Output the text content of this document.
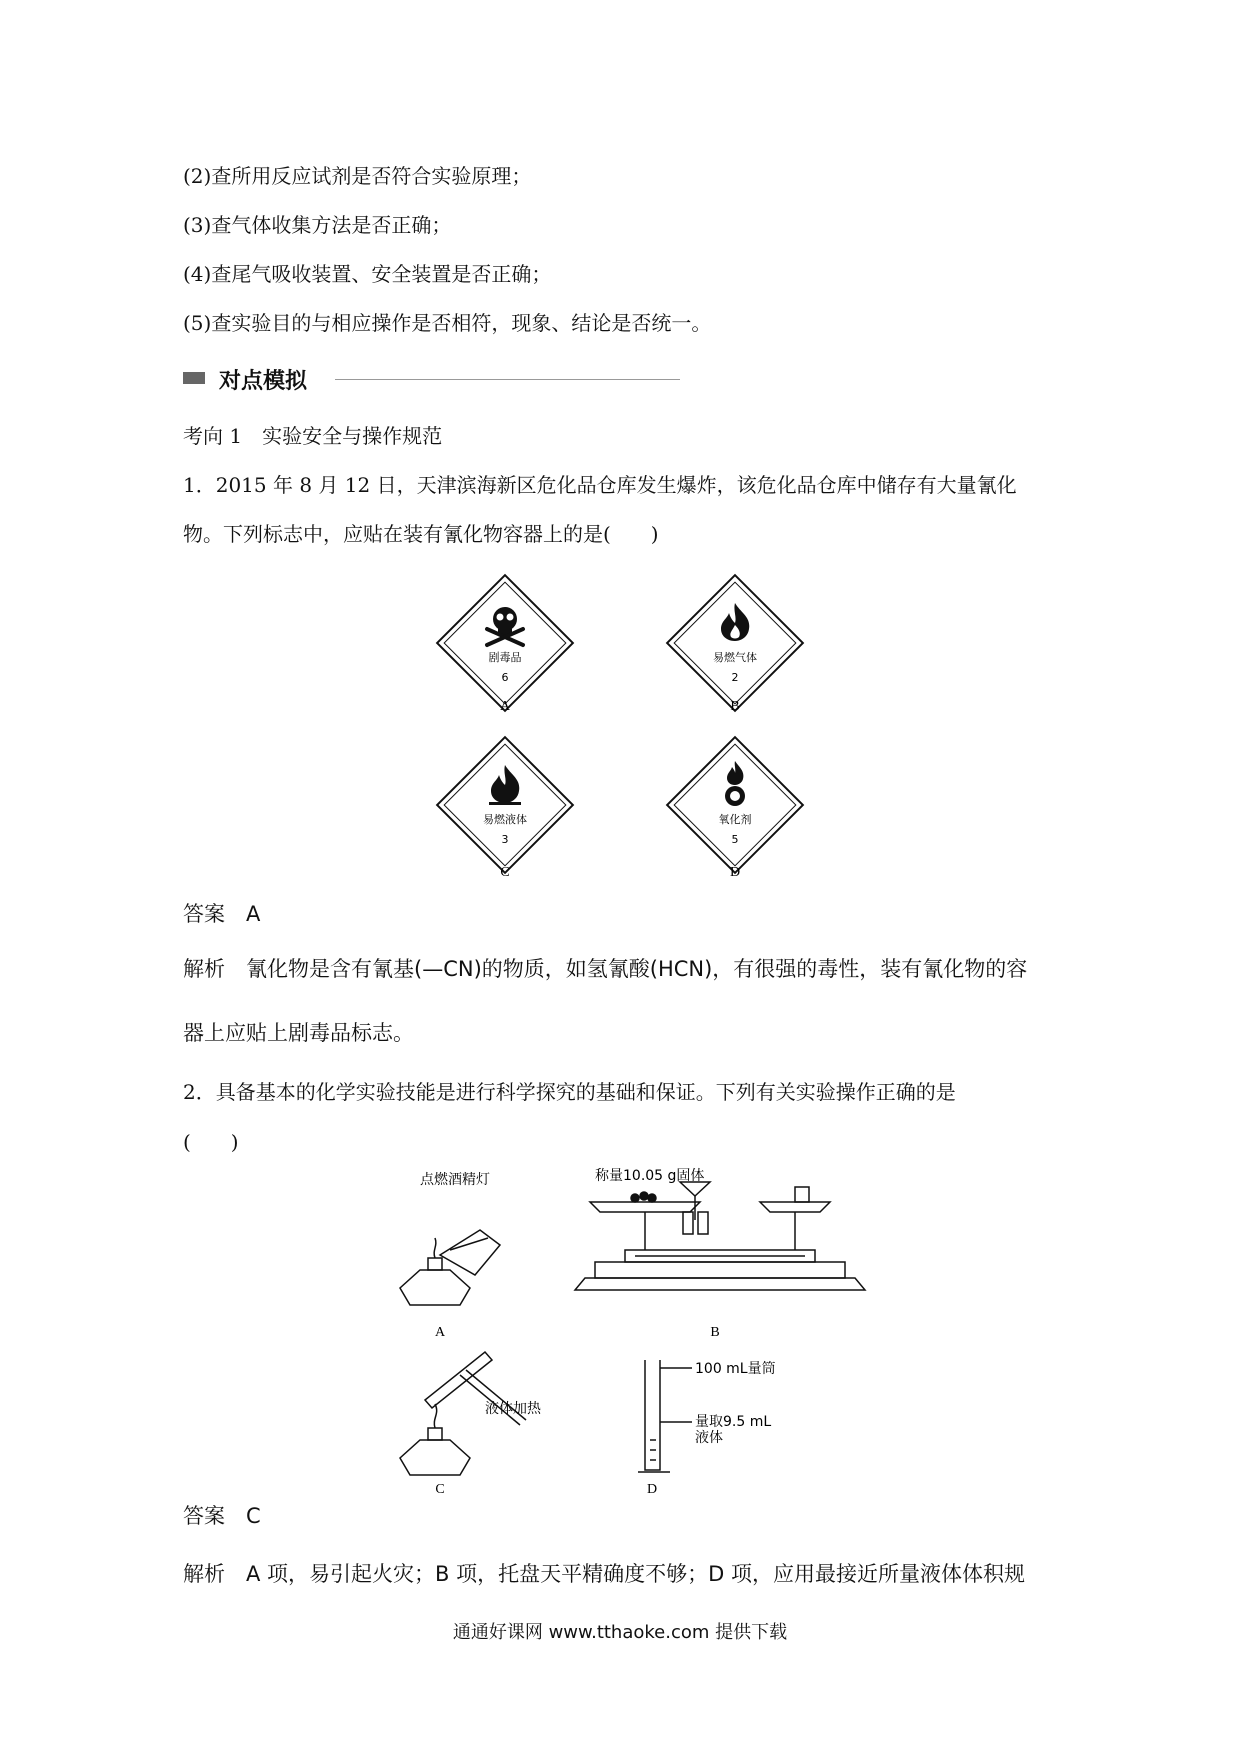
(2)查所用反应试剂是否符合实验原理；
(3)查气体收集方法是否正确；
(4)查尾气吸收装置、安全装置是否正确；
(5)查实验目的与相应操作是否相符，现象、结论是否统一。
对点模拟
考向 1　 实验安全与操作规范
1．2015 年 8 月 12 日，天津滨海新区危化品仓库发生爆炸，该危化品仓库中储存有大量氰化
物。下列标志中，应贴在装有氰化物容器上的是(　　)
剧毒品
6
A
易燃气体
2
B
易燃液体
3
C
氧化剂
5
D
答案　 A
解析　 氰化物是含有氰基(—CN)的物质，如氢氰酸(HCN)，有很强的毒性，装有氰化物的容
器上应贴上剧毒品标志。
2．具备基本的化学实验技能是进行科学探究的基础和保证。下列有关实验操作正确的是
(　　)
点燃酒精灯
A
称量10.05 g固体
B
液体加热
C
100 mL量筒
量取9.5 mL
液体
D
答案　 C
解析　 A 项，易引起火灾；B 项，托盘天平精确度不够；D 项，应用最接近所量液体体积规
通通好课网 www.tthaoke.com 提供下载
